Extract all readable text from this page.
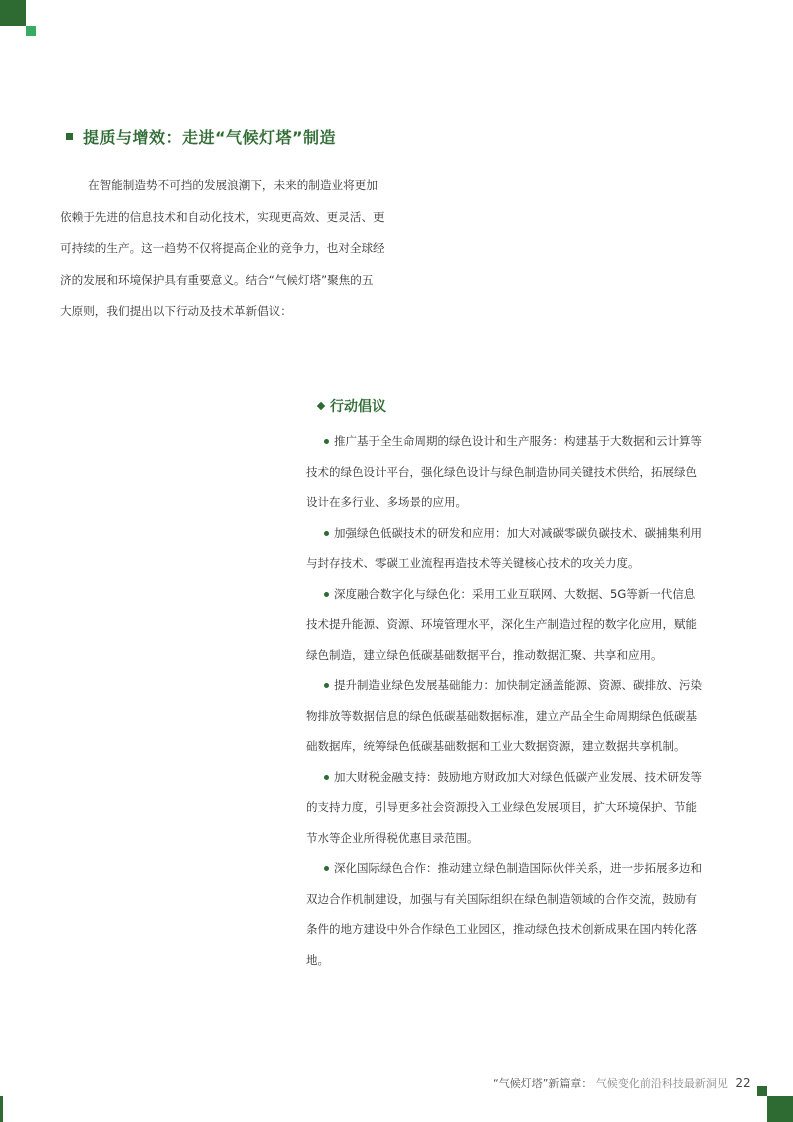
提质与增效：走进“气候灯塔”制造
在智能制造势不可挡的发展浪潮下，未来的制造业将更加
依赖于先进的信息技术和自动化技术，实现更高效、更灵活、更
可持续的生产。这一趋势不仅将提高企业的竞争力，也对全球经
济的发展和环境保护具有重要意义。结合“气候灯塔”聚焦的五
大原则，我们提出以下行动及技术革新倡议：
行动倡议
推广基于全生命周期的绿色设计和生产服务：构建基于大数据和云计算等
技术的绿色设计平台，强化绿色设计与绿色制造协同关键技术供给，拓展绿色
设计在多行业、多场景的应用。
加强绿色低碳技术的研发和应用：加大对减碳零碳负碳技术、碳捕集利用
与封存技术、零碳工业流程再造技术等关键核心技术的攻关力度。
深度融合数字化与绿色化：采用工业互联网、大数据、5G等新一代信息
技术提升能源、资源、环境管理水平，深化生产制造过程的数字化应用，赋能
绿色制造，建立绿色低碳基础数据平台，推动数据汇聚、共享和应用。
提升制造业绿色发展基础能力：加快制定涵盖能源、资源、碳排放、污染
物排放等数据信息的绿色低碳基础数据标准，建立产品全生命周期绿色低碳基
础数据库，统筹绿色低碳基础数据和工业大数据资源，建立数据共享机制。
加大财税金融支持：鼓励地方财政加大对绿色低碳产业发展、技术研发等
的支持力度，引导更多社会资源投入工业绿色发展项目，扩大环境保护、节能
节水等企业所得税优惠目录范围。
深化国际绿色合作：推动建立绿色制造国际伙伴关系，进一步拓展多边和
双边合作机制建设，加强与有关国际组织在绿色制造领域的合作交流，鼓励有
条件的地方建设中外合作绿色工业园区，推动绿色技术创新成果在国内转化落
地。
“气候灯塔”新篇章： 气候变化前沿科技最新洞见 22
